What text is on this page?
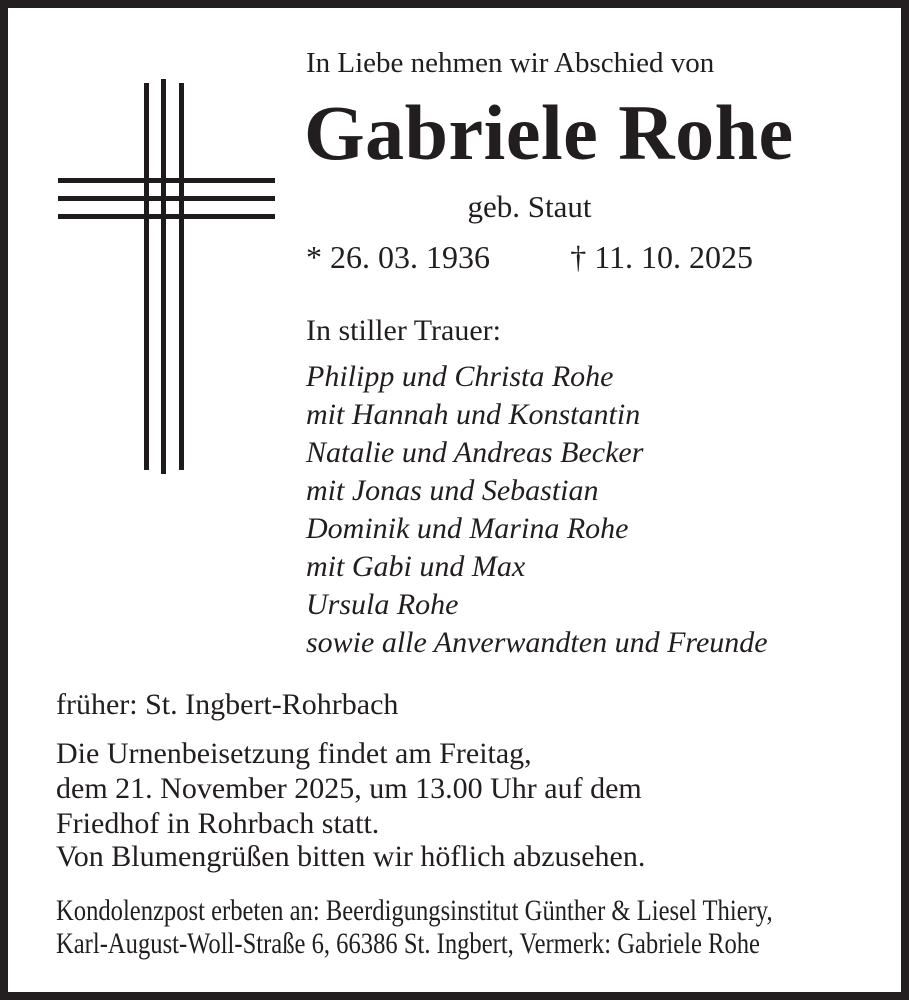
In Liebe nehmen wir Abschied von
Gabriele Rohe
geb. Staut
* 26. 03. 1936	† 11. 10. 2025
In stiller Trauer:
Philipp und Christa Rohe
mit Hannah und Konstantin
Natalie und Andreas Becker
mit Jonas und Sebastian
Dominik und Marina Rohe
mit Gabi und Max
Ursula Rohe
sowie alle Anverwandten und Freunde
früher: St. Ingbert-Rohrbach
Die Urnenbeisetzung findet am Freitag,
dem 21. November 2025, um 13.00 Uhr auf dem
Friedhof in Rohrbach statt.
Von Blumengrüßen bitten wir höflich abzusehen.
Kondolenzpost erbeten an: Beerdigungsinstitut Günther & Liesel Thiery,
Karl-August-Woll-Straße 6, 66386 St. Ingbert, Vermerk: Gabriele Rohe
